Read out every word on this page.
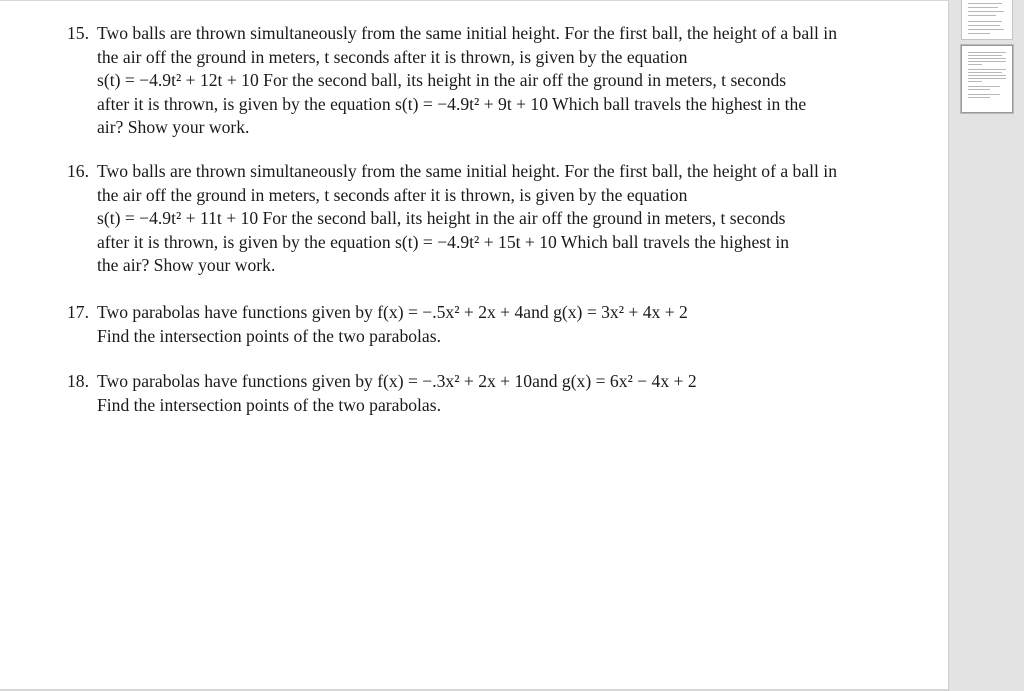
15. Two balls are thrown simultaneously from the same initial height. For the first ball, the height of a ball in
the air off the ground in meters, t seconds after it is thrown, is given by the equation
s(t) = −4.9t² + 12t + 10 For the second ball, its height in the air off the ground in meters, t seconds
after it is thrown, is given by the equation s(t) = −4.9t² + 9t + 10 Which ball travels the highest in the
air? Show your work.
16. Two balls are thrown simultaneously from the same initial height. For the first ball, the height of a ball in
the air off the ground in meters, t seconds after it is thrown, is given by the equation
s(t) = −4.9t² + 11t + 10 For the second ball, its height in the air off the ground in meters, t seconds
after it is thrown, is given by the equation s(t) = −4.9t² + 15t + 10 Which ball travels the highest in
the air? Show your work.
17. Two parabolas have functions given by f(x) = −.5x² + 2x + 4and g(x) = 3x² + 4x + 2
Find the intersection points of the two parabolas.
18. Two parabolas have functions given by f(x) = −.3x² + 2x + 10and g(x) = 6x² − 4x + 2
Find the intersection points of the two parabolas.
